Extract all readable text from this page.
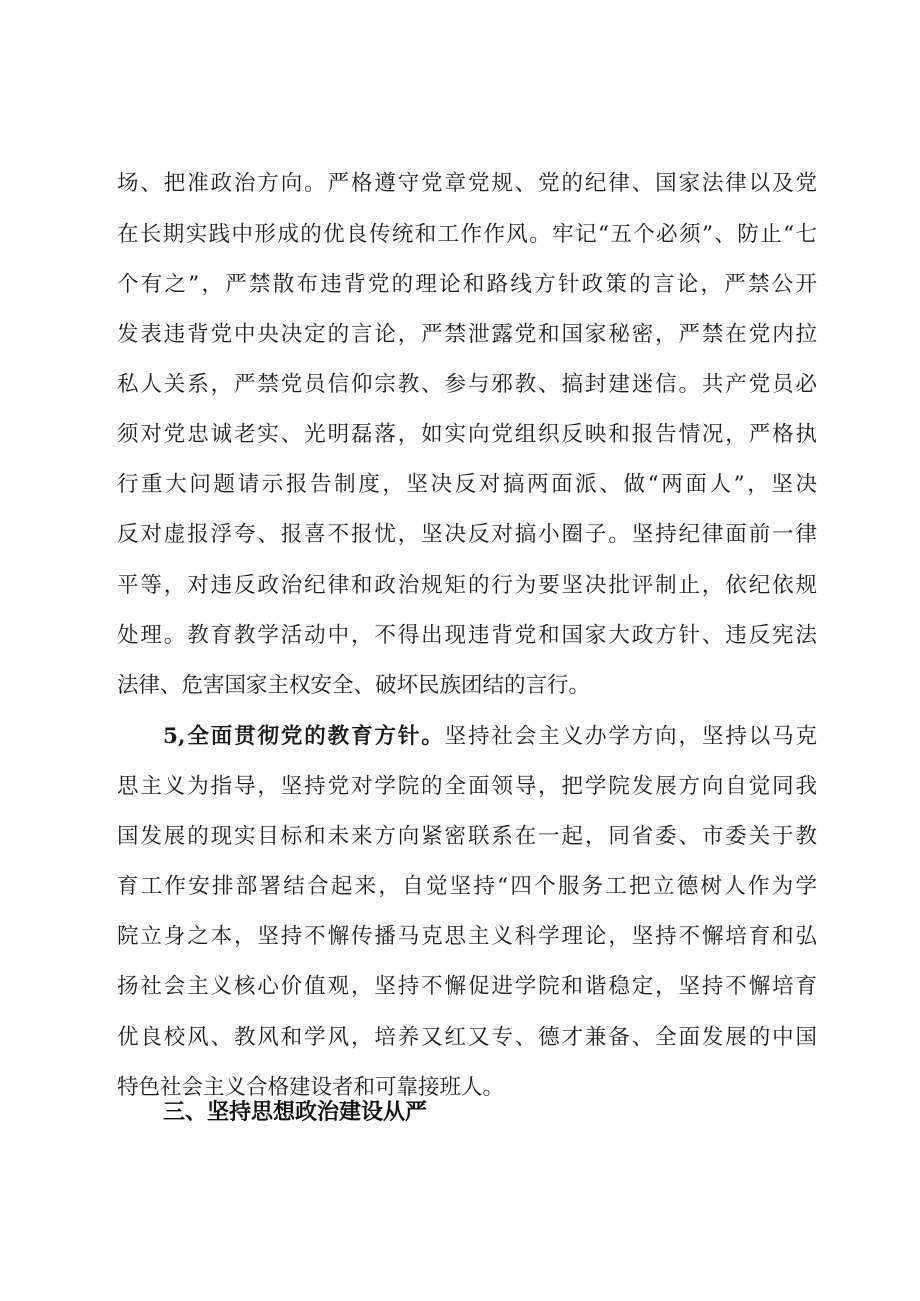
场、把准政治方向。严格遵守党章党规、党的纪律、国家法律以及党
在长期实践中形成的优良传统和工作作风。牢记“五个必须”、防止“七
个有之”，严禁散布违背党的理论和路线方针政策的言论，严禁公开
发表违背党中央决定的言论，严禁泄露党和国家秘密，严禁在党内拉
私人关系，严禁党员信仰宗教、参与邪教、搞封建迷信。共产党员必
须对党忠诚老实、光明磊落，如实向党组织反映和报告情况，严格执
行重大问题请示报告制度，坚决反对搞两面派、做“两面人”，坚决
反对虚报浮夸、报喜不报忧，坚决反对搞小圈子。坚持纪律面前一律
平等，对违反政治纪律和政治规矩的行为要坚决批评制止，依纪依规
处理。教育教学活动中，不得出现违背党和国家大政方针、违反宪法
法律、危害国家主权安全、破坏民族团结的言行。
5,全面贯彻党的教育方针。坚持社会主义办学方向，坚持以马克
思主义为指导，坚持党对学院的全面领导，把学院发展方向自觉同我
国发展的现实目标和未来方向紧密联系在一起，同省委、市委关于教
育工作安排部署结合起来，自觉坚持“四个服务工把立德树人作为学
院立身之本，坚持不懈传播马克思主义科学理论，坚持不懈培育和弘
扬社会主义核心价值观，坚持不懈促进学院和谐稳定，坚持不懈培育
优良校风、教风和学风，培养又红又专、德才兼备、全面发展的中国
特色社会主义合格建设者和可靠接班人。
三、坚持思想政治建设从严
